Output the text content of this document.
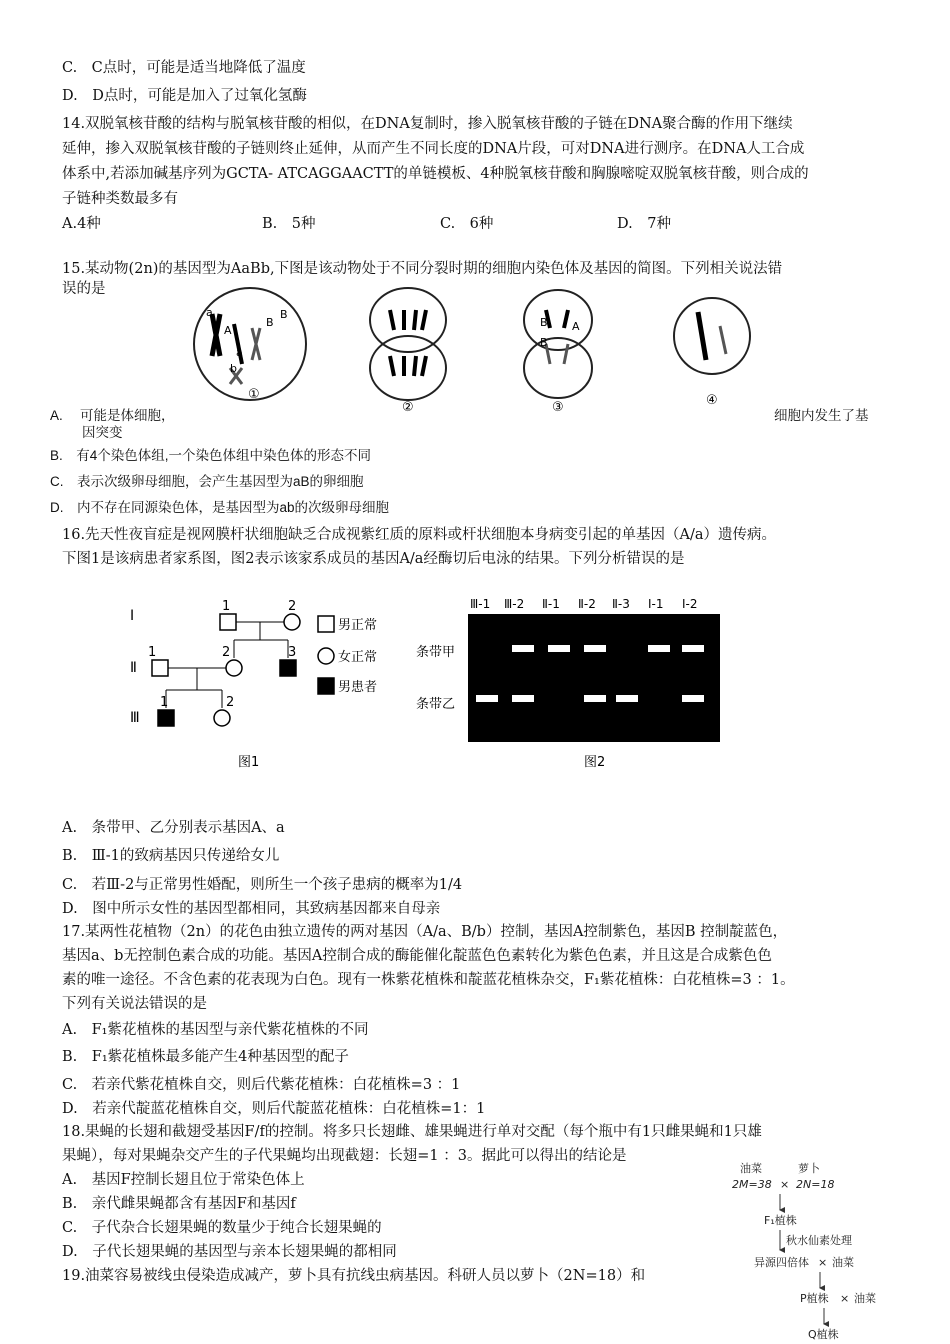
C.　C点时，可能是适当地降低了温度
D.　D点时，可能是加入了过氧化氢酶
14.双脱氧核苷酸的结构与脱氧核苷酸的相似，在DNA复制时，掺入脱氧核苷酸的子链在DNA聚合酶的作用下继续
延伸，掺入双脱氧核苷酸的子链则终止延伸，从而产生不同长度的DNA片段，可对DNA进行测序。在DNA人工合成
体系中,若添加碱基序列为GCTA- ATCAGGAACTT的单链模板、4种脱氧核苷酸和胸腺嘧啶双脱氧核苷酸，则合成的
子链种类数最多有
A.4种	B.　5种	C.　6种	D.　7种
15.某动物(2n)的基因型为AaBb,下图是该动物处于不同分裂时期的细胞内染色体及基因的简图。下列相关说法错
误的是
a
A
B
B
a
b
①
②
B A
B
③	④
A.　 可能是体细胞，	细胞内发生了基
因突变
B.　有4个染色体组,一个染色体组中染色体的形态不同
C.　表示次级卵母细胞，会产生基因型为aB的卵细胞
D.　内不存在同源染色体，是基因型为ab的次级卵母细胞
16.先天性夜盲症是视网膜杆状细胞缺乏合成视紫红质的原料或杆状细胞本身病变引起的单基因（A/a）遗传病。
下图1是该病患者家系图，图2表示该家系成员的基因A/a经酶切后电泳的结果。下列分析错误的是
Ⅰ
Ⅱ
Ⅲ
1	2
1	2	3
1	2
男正常
女正常
男患者
图1
Ⅲ-1 Ⅲ-2 Ⅱ-1 Ⅱ-2 Ⅱ-3 Ⅰ-1 Ⅰ-2
条带甲
条带乙
图2
A.　条带甲、乙分别表示基因A、a
B.　Ⅲ-1的致病基因只传递给女儿
C.　若Ⅲ-2与正常男性婚配，则所生一个孩子患病的概率为1/4
D.　图中所示女性的基因型都相同，其致病基因都来自母亲
17.某两性花植物（2n）的花色由独立遗传的两对基因（A/a、B/b）控制，基因A控制紫色，基因B 控制靛蓝色，
基因a、b无控制色素合成的功能。基因A控制合成的酶能催化靛蓝色色素转化为紫色色素，并且这是合成紫色色
素的唯一途径。不含色素的花表现为白色。现有一株紫花植株和靛蓝花植株杂交，F₁紫花植株：白花植株=3 ：1。
下列有关说法错误的是
A.　F₁紫花植株的基因型与亲代紫花植株的不同
B.　F₁紫花植株最多能产生4种基因型的配子
C.　若亲代紫花植株自交，则后代紫花植株：白花植株=3 ：1
D.　若亲代靛蓝花植株自交，则后代靛蓝花植株：白花植株=1：1
18.果蝇的长翅和截翅受基因F/f的控制。将多只长翅雌、雄果蝇进行单对交配（每个瓶中有1只雌果蝇和1只雄
果蝇），每对果蝇杂交产生的子代果蝇均出现截翅：长翅=1 ：3。据此可以得出的结论是
A.　基因F控制长翅且位于常染色体上
B.　亲代雌果蝇都含有基因F和基因f
C.　子代杂合长翅果蝇的数量少于纯合长翅果蝇的
D.　子代长翅果蝇的基因型与亲本长翅果蝇的都相同
19.油菜容易被线虫侵染造成减产，萝卜具有抗线虫病基因。科研人员以萝卜（2N=18）和
油菜	萝卜
2M=38 × 2N=18
F₁植株
秋水仙素处理
异源四倍体 × 油菜
P植株 × 油菜
Q植株
